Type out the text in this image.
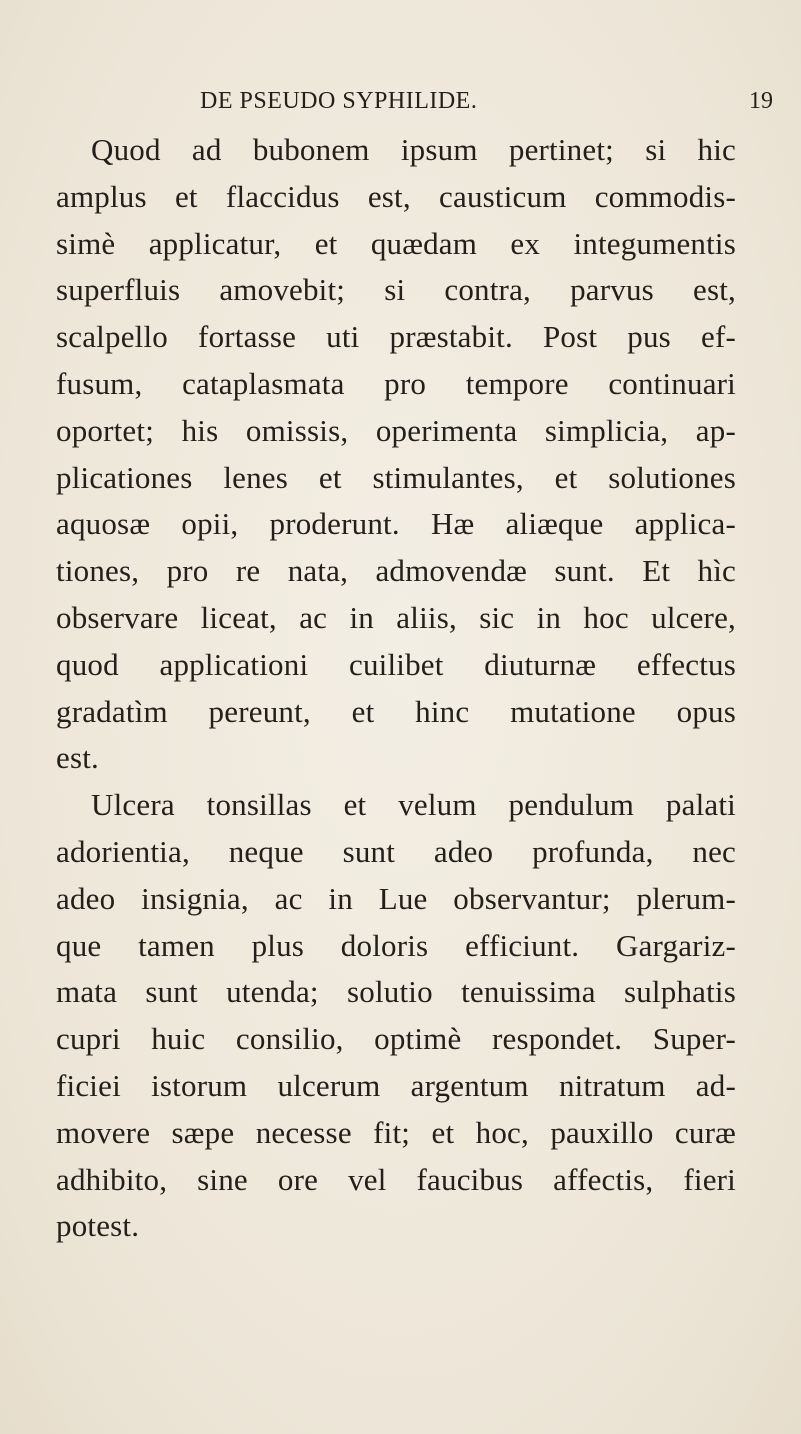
DE PSEUDO SYPHILIDE.	19
Quod ad bubonem ipsum pertinet; si hic
amplus et flaccidus est, causticum commodis-
simè applicatur, et quædam ex integumentis
superfluis amovebit; si contra, parvus est,
scalpello fortasse uti præstabit. Post pus ef-
fusum, cataplasmata pro tempore continuari
oportet; his omissis, operimenta simplicia, ap-
plicationes lenes et stimulantes, et solutiones
aquosæ opii, proderunt. Hæ aliæque applica-
tiones, pro re nata, admovendæ sunt. Et hìc
observare liceat, ac in aliis, sic in hoc ulcere,
quod applicationi cuilibet diuturnæ effectus
gradatìm pereunt, et hinc mutatione opus
est.
Ulcera tonsillas et velum pendulum palati
adorientia, neque sunt adeo profunda, nec
adeo insignia, ac in Lue observantur; plerum-
que tamen plus doloris efficiunt. Gargariz-
mata sunt utenda; solutio tenuissima sulphatis
cupri huic consilio, optimè respondet. Super-
ficiei istorum ulcerum argentum nitratum ad-
movere sæpe necesse fit; et hoc, pauxillo curæ
adhibito, sine ore vel faucibus affectis, fieri
potest.
